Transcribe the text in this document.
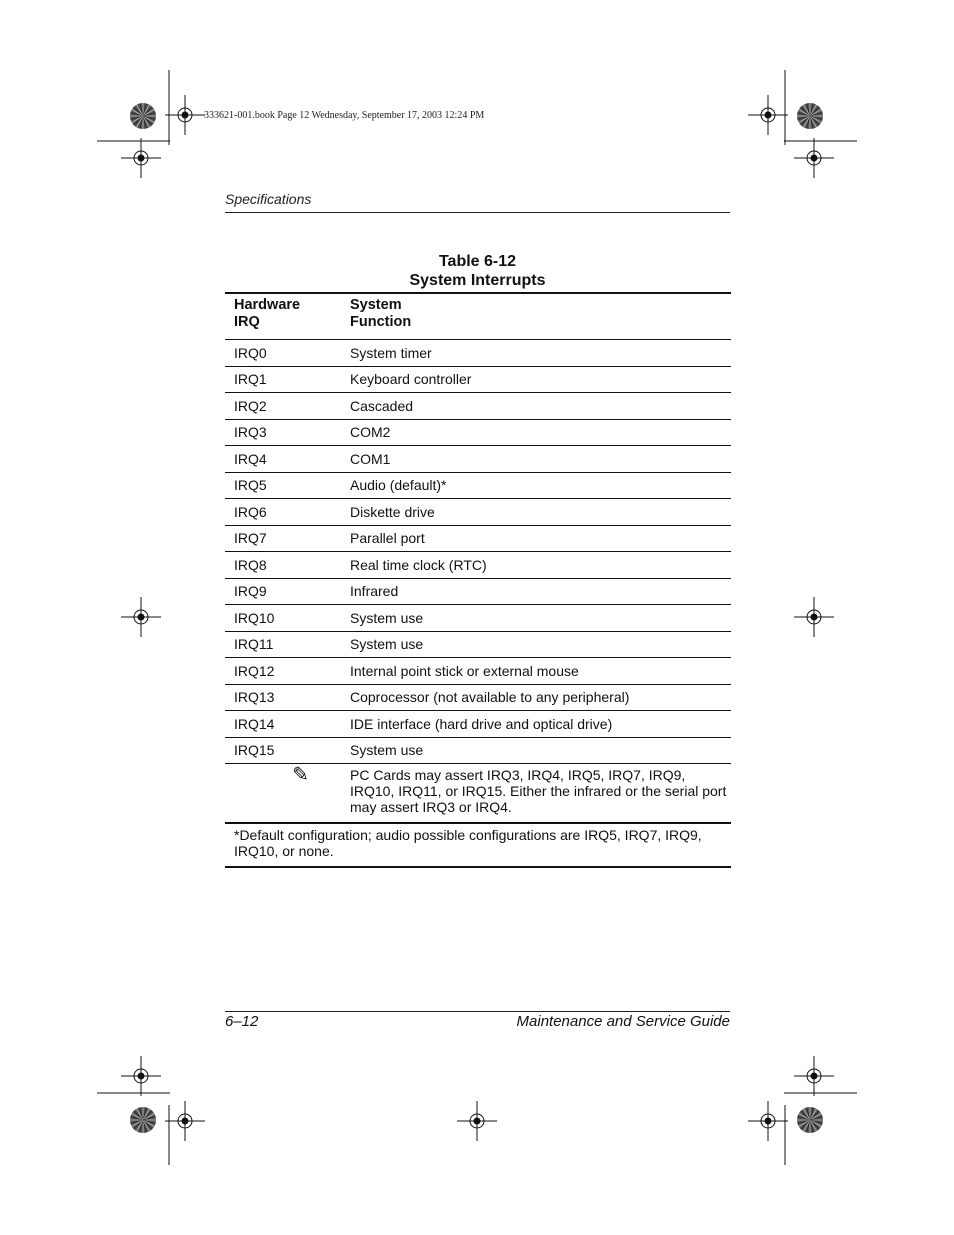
333621-001.book Page 12 Wednesday, September 17, 2003 12:24 PM
Specifications
Table 6-12
System Interrupts
Hardware
IRQ	System
Function
IRQ0	System timer
IRQ1	Keyboard controller
IRQ2	Cascaded
IRQ3	COM2
IRQ4	COM1
IRQ5	Audio (default)*
IRQ6	Diskette drive
IRQ7	Parallel port
IRQ8	Real time clock (RTC)
IRQ9	Infrared
IRQ10	System use
IRQ11	System use
IRQ12	Internal point stick or external mouse
IRQ13	Coprocessor (not available to any peripheral)
IRQ14	IDE interface (hard drive and optical drive)
IRQ15	System use
✎	PC Cards may assert IRQ3, IRQ4, IRQ5, IRQ7, IRQ9, IRQ10, IRQ11, or IRQ15. Either the infrared or the serial port may assert IRQ3 or IRQ4.
*Default configuration; audio possible configurations are IRQ5, IRQ7, IRQ9, IRQ10, or none.	
6–12	Maintenance and Service Guide
